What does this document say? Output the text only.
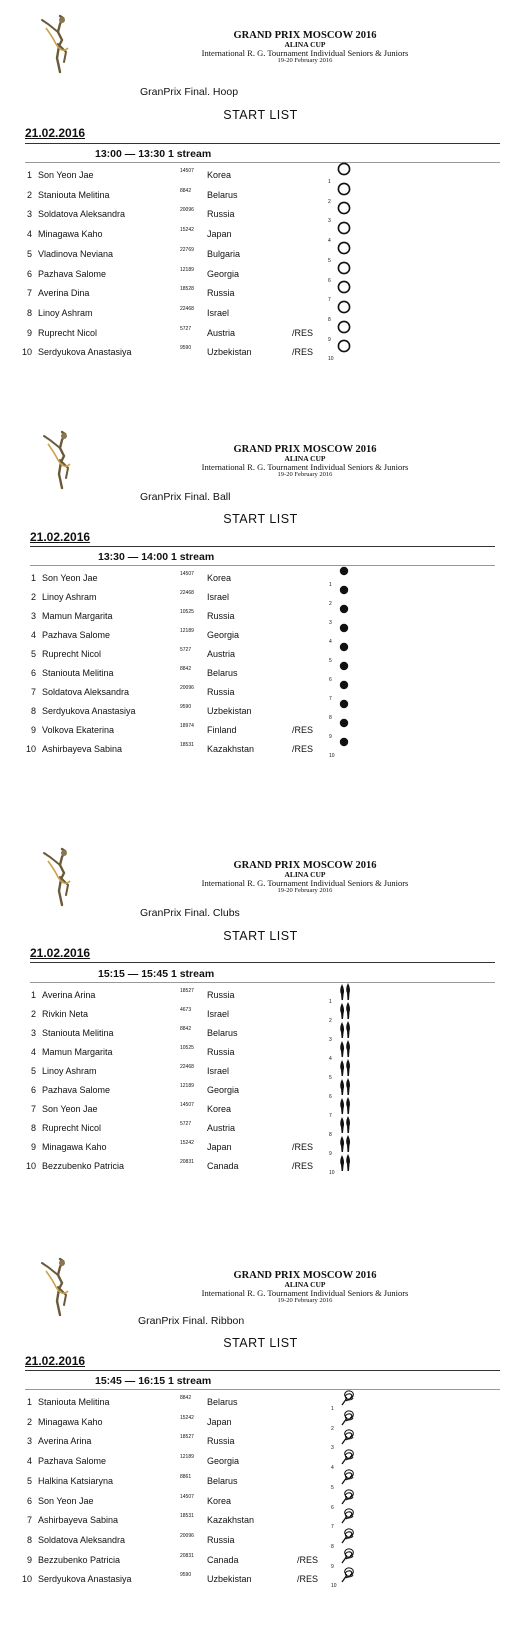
GRAND PRIX MOSCOW 2016
ALINA CUP
International R. G. Tournament Individual Seniors & Juniors
19-20 February 2016
GranPrix Final. Hoop
START LIST
21.02.2016
13:00 — 13:30 1 stream
1 Son Yeon Jae	14507 Korea
1
2 Staniouta Melitina	8842 Belarus
2
3 Soldatova Aleksandra	20096 Russia
3
4 Minagawa Kaho	15242 Japan
4
5 Vladinova Neviana	22769 Bulgaria
5
6 Pazhava Salome	12189 Georgia
6
7 Averina Dina	18528 Russia
7
8 Linoy Ashram	22468 Israel
8
9 Ruprecht Nicol	5727 Austria	/RES
9
10 Serdyukova Anastasiya	9590 Uzbekistan	/RES
10
GRAND PRIX MOSCOW 2016
ALINA CUP
International R. G. Tournament Individual Seniors & Juniors
19-20 February 2016
GranPrix Final. Ball
START LIST
21.02.2016
13:30 — 14:00 1 stream
1 Son Yeon Jae	14507 Korea
1
2 Linoy Ashram	22468 Israel
2
3 Mamun Margarita	10525 Russia
3
4 Pazhava Salome	12189 Georgia
4
5 Ruprecht Nicol	5727 Austria
5
6 Staniouta Melitina	8842 Belarus
6
7 Soldatova Aleksandra	20096 Russia
7
8 Serdyukova Anastasiya	9590 Uzbekistan
8
9 Volkova Ekaterina	18974 Finland	/RES
9
10 Ashirbayeva Sabina	18531 Kazakhstan	/RES
10
GRAND PRIX MOSCOW 2016
ALINA CUP
International R. G. Tournament Individual Seniors & Juniors
19-20 February 2016
GranPrix Final. Clubs
START LIST
21.02.2016
15:15 — 15:45 1 stream
1 Averina Arina	18527 Russia
1
2 Rivkin Neta	4673 Israel
2
3 Staniouta Melitina	8842 Belarus
3
4 Mamun Margarita	10525 Russia
4
5 Linoy Ashram	22468 Israel
5
6 Pazhava Salome	12189 Georgia
6
7 Son Yeon Jae	14507 Korea
7
8 Ruprecht Nicol	5727 Austria
8
9 Minagawa Kaho	15242 Japan	/RES
9
10 Bezzubenko Patricia	20831 Canada	/RES
10
GRAND PRIX MOSCOW 2016
ALINA CUP
International R. G. Tournament Individual Seniors & Juniors
19-20 February 2016
GranPrix Final. Ribbon
START LIST
21.02.2016
15:45 — 16:15 1 stream
1 Staniouta Melitina	8842 Belarus
1
2 Minagawa Kaho	15242 Japan
2
3 Averina Arina	18527 Russia
3
4 Pazhava Salome	12189 Georgia
4
5 Halkina Katsiaryna	8861 Belarus
5
6 Son Yeon Jae	14507 Korea
6
7 Ashirbayeva Sabina	18531 Kazakhstan
7
8 Soldatova Aleksandra	20096 Russia
8
9 Bezzubenko Patricia	20831 Canada	/RES
9
10 Serdyukova Anastasiya	9590 Uzbekistan	/RES
10
